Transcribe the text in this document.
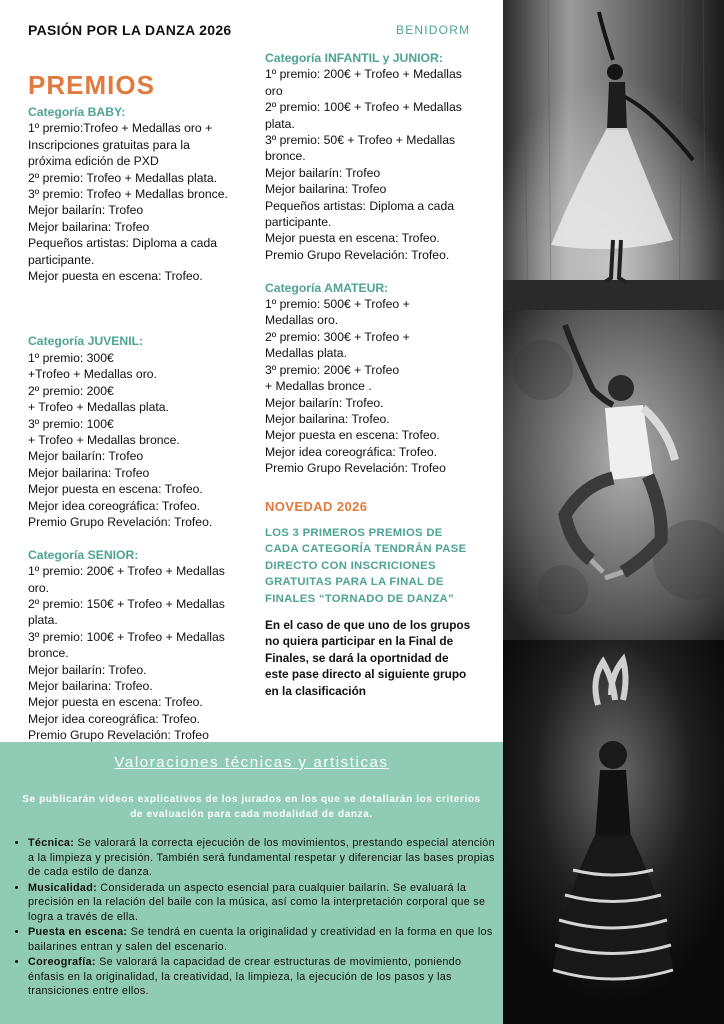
PASIÓN POR LA DANZA 2026	BENIDORM
PREMIOS
Categoría BABY:
1º premio:Trofeo + Medallas oro +
Inscripciones gratuitas para la
próxima edición de PXD
2º premio: Trofeo + Medallas plata.
3º premio: Trofeo + Medallas bronce.
Mejor bailarín: Trofeo
Mejor bailarina: Trofeo
Pequeños artistas: Diploma a cada
participante.
Mejor puesta en escena: Trofeo.
Categoría JUVENIL:
1º premio: 300€
+Trofeo + Medallas oro.
2º premio: 200€
+ Trofeo + Medallas plata.
3º premio: 100€
+ Trofeo + Medallas bronce.
Mejor bailarín: Trofeo
Mejor bailarina: Trofeo
Mejor puesta en escena: Trofeo.
Mejor idea coreográfica: Trofeo.
Premio Grupo Revelación: Trofeo.
Categoría SENIOR:
1º premio: 200€ + Trofeo + Medallas
oro.
2º premio: 150€ + Trofeo + Medallas
plata.
3º premio: 100€ + Trofeo + Medallas
bronce.
Mejor bailarín: Trofeo.
Mejor bailarina: Trofeo.
Mejor puesta en escena: Trofeo.
Mejor idea coreográfica: Trofeo.
Premio Grupo Revelación: Trofeo
Categoría INFANTIL y JUNIOR:
1º premio: 200€ + Trofeo + Medallas
oro
2º premio: 100€ + Trofeo + Medallas
plata.
3º premio: 50€ + Trofeo + Medallas
bronce.
Mejor bailarín: Trofeo
Mejor bailarina: Trofeo
Pequeños artistas: Diploma a cada
participante.
Mejor puesta en escena: Trofeo.
Premio Grupo Revelación: Trofeo.
Categoría AMATEUR:
1º premio: 500€ + Trofeo +
Medallas oro.
2º premio: 300€ + Trofeo +
Medallas plata.
3º premio: 200€ + Trofeo
+ Medallas bronce .
Mejor bailarín: Trofeo.
Mejor bailarina: Trofeo.
Mejor puesta en escena: Trofeo.
Mejor idea coreográfica: Trofeo.
Premio Grupo Revelación: Trofeo
NOVEDAD 2026
LOS 3 PRIMEROS PREMIOS DE
CADA CATEGORÍA TENDRÁN PASE
DIRECTO CON INSCRICIONES
GRATUITAS PARA LA FINAL DE
FINALES “TORNADO DE DANZA”
En el caso de que uno de los grupos
no quiera participar en la Final de
Finales, se dará la oportnidad de
este pase directo al siguiente grupo
en la clasificación
Valoraciones técnicas y artisticas
Se publicarán vídeos explicativos de los jurados en los que se detallarán los criterios de evaluación para cada modalidad de danza.
• Técnica: Se valorará la correcta ejecución de los movimientos, prestando especial atención a la limpieza y precisión. También será fundamental respetar y diferenciar las bases propias de cada estilo de danza.
• Musicalidad: Considerada un aspecto esencial para cualquier bailarín. Se evaluará la precisión en la relación del baile con la música, así como la interpretación corporal que se logra a través de ella.
• Puesta en escena: Se tendrá en cuenta la originalidad y creatividad en la forma en que los bailarines entran y salen del escenario.
• Coreografía: Se valorará la capacidad de crear estructuras de movimiento, poniendo énfasis en la originalidad, la creatividad, la limpieza, la ejecución de los pasos y las transiciones entre ellos.
